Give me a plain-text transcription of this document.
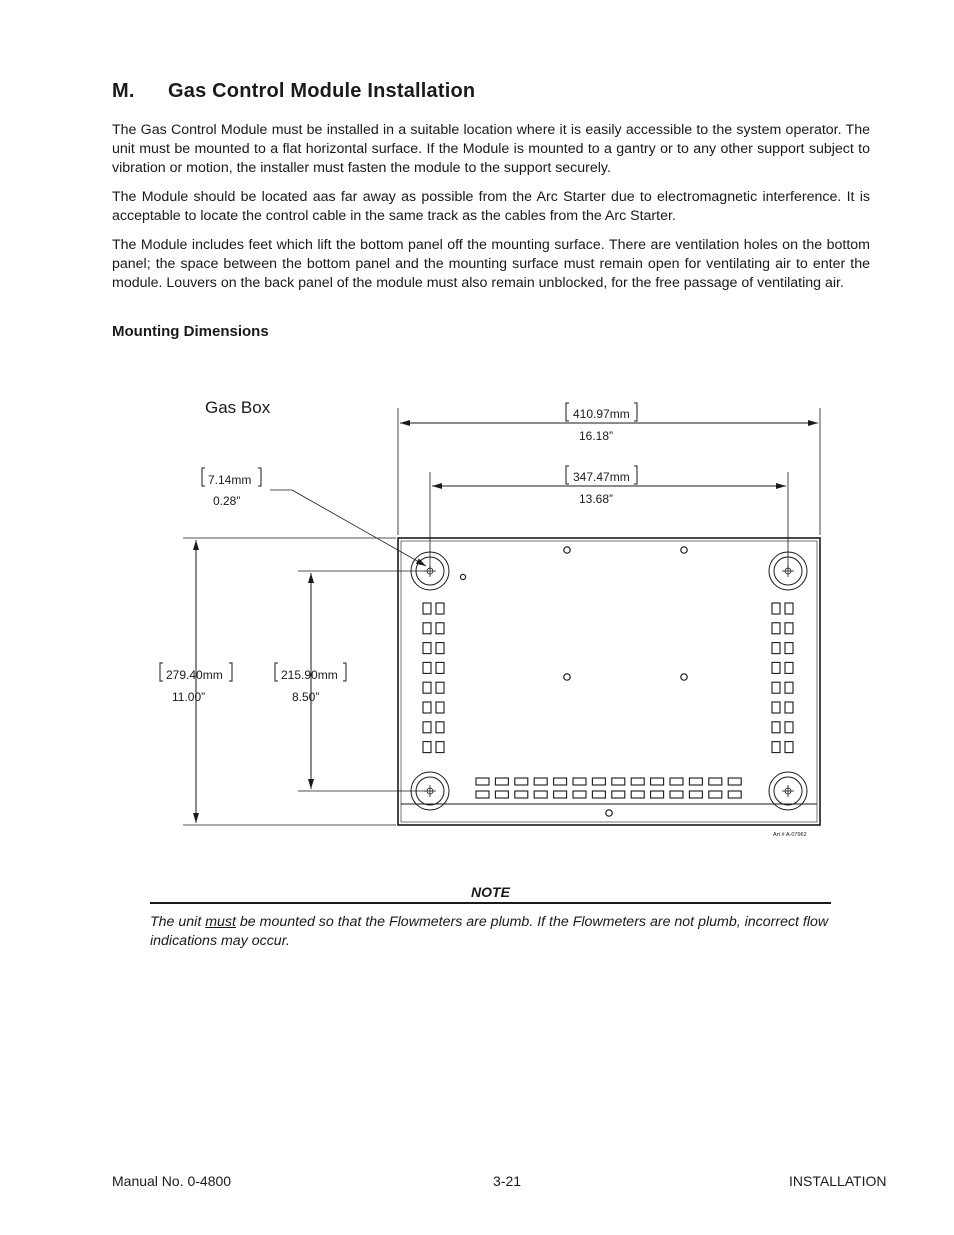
M. Gas Control Module Installation

The Gas Control Module must be installed in a suitable location where it is easily accessible to the system operator. The unit must be mounted to a flat horizontal surface. If the Module is mounted to a gantry or to any other support subject to vibration or motion, the installer must fasten the module to the support securely.

The Module should be located aas far away as possible from the Arc Starter due to electromagnetic interference. It is acceptable to locate the control cable in the same track as the cables from the Arc Starter.

The Module includes feet which lift the bottom panel off the mounting surface. There are ventilation holes on the bottom panel; the space between the bottom panel and the mounting surface must remain open for ventilating air to enter the module. Louvers on the back panel of the module must also remain unblocked, for the free passage of ventilating air.

Mounting Dimensions
Gas Box	410.97mm
16.18”
347.47mm
13.68”
7.14mm
0.28”
279.40mm
11.00”
215.90mm
8.50”
Art # A-07962
NOTE
The unit must be mounted so that the Flowmeters are plumb. If the Flowmeters are not plumb, incorrect flow indications may occur.
Manual No. 0-4800	3-21	INSTALLATION
